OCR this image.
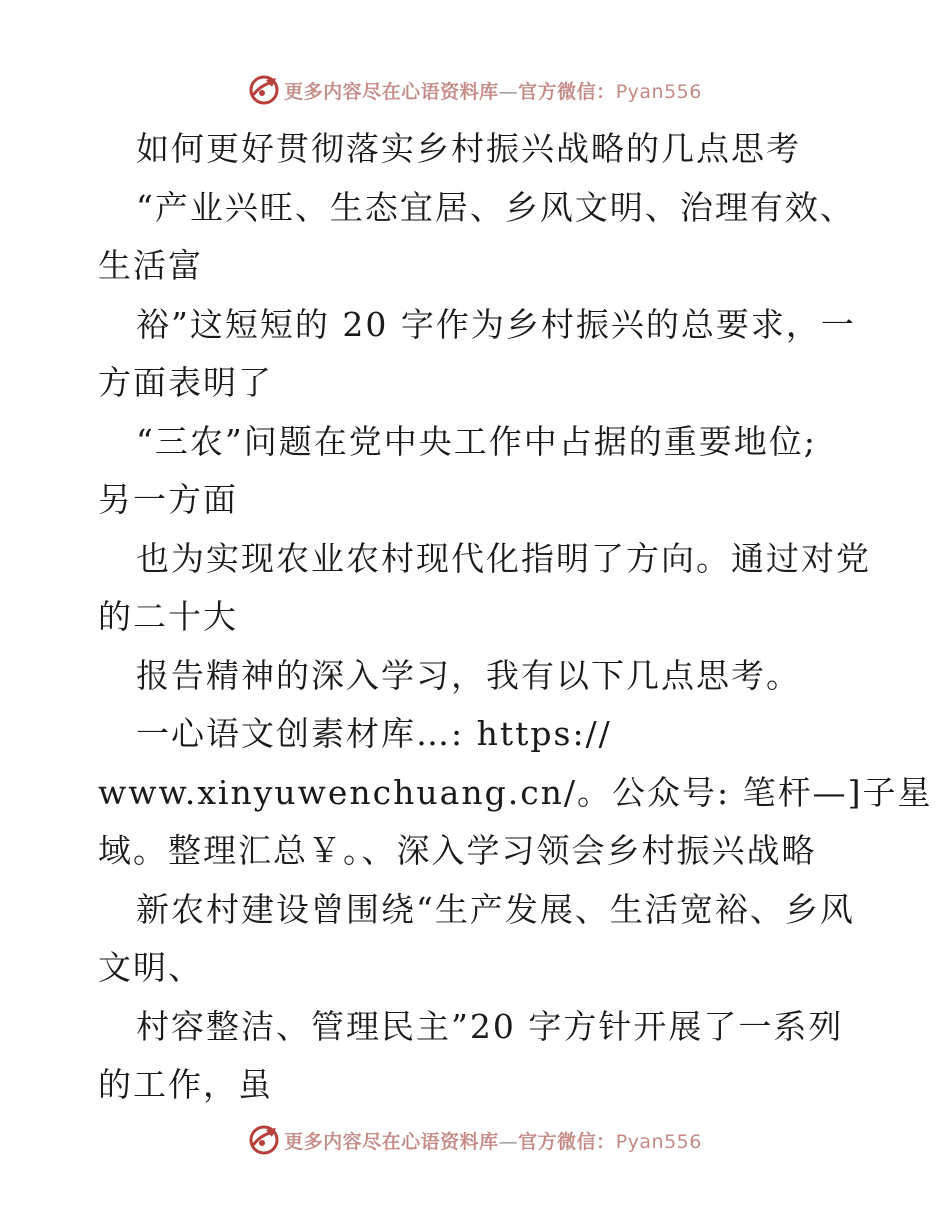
更多内容尽在心语资料库—官方微信：Pyan556
如何更好贯彻落实乡村振兴战略的几点思考
“产业兴旺、生态宜居、乡风文明、治理有效、
生活富
裕”这短短的 20 字作为乡村振兴的总要求，一
方面表明了
“三农”问题在党中央工作中占据的重要地位;
另一方面
也为实现农业农村现代化指明了方向。通过对党
的二十大
报告精神的深入学习，我有以下几点思考。
一心语文创素材库…: https://
www.xinyuwenchuang.cn/。公众号: 笔杆—]子星
域。整理汇总￥。、深入学习领会乡村振兴战略
新农村建设曾围绕“生产发展、生活宽裕、乡风
文明、
村容整洁、管理民主”20 字方针开展了一系列
的工作，虽
更多内容尽在心语资料库—官方微信：Pyan556
